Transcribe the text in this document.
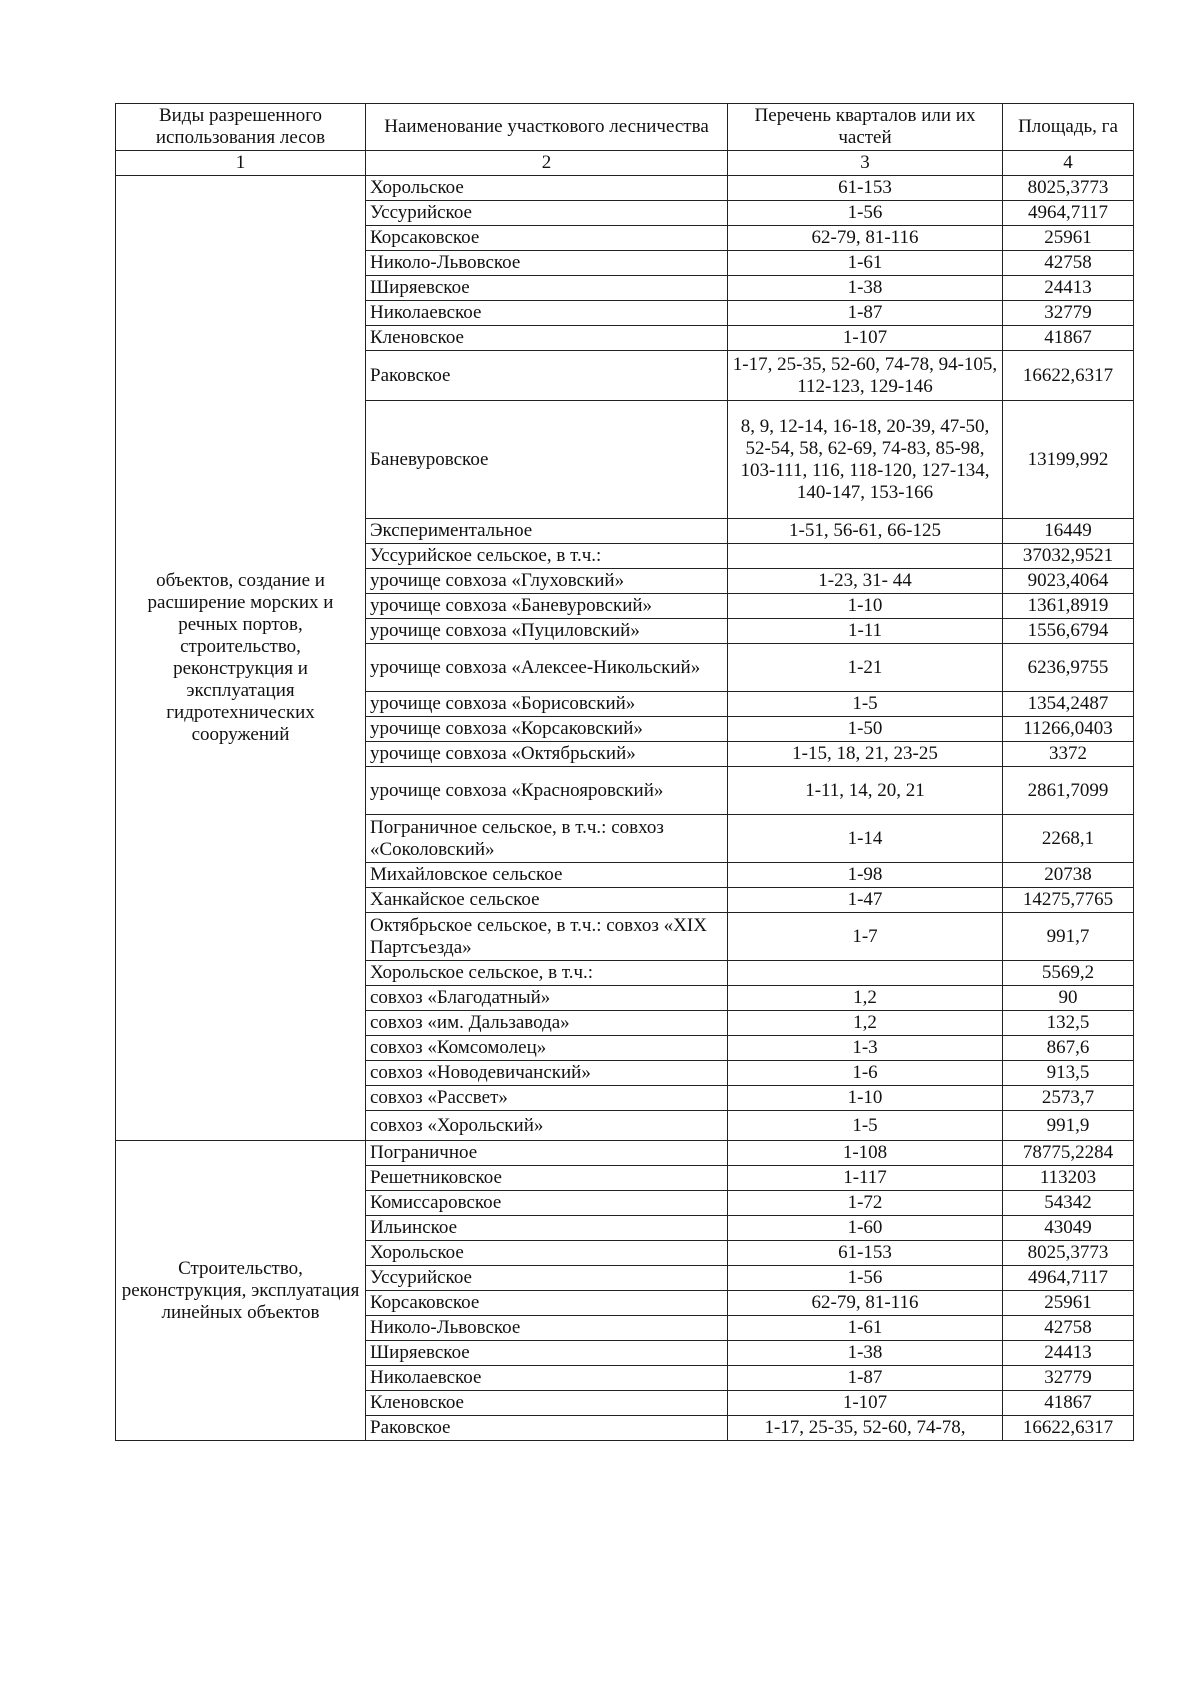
Виды разрешенного использования лесов	Наименование участкового лесничества	Перечень кварталов или их частей	Площадь, га
1	2	3	4
объектов, создание и расширение морских и речных портов, строительство, реконструкция и эксплуатация гидротехнических сооружений	Хорольское	61-153	8025,3773
	Уссурийское	1-56	4964,7117
	Корсаковское	62-79, 81-116	25961
	Николо-Львовское	1-61	42758
	Ширяевское	1-38	24413
	Николаевское	1-87	32779
	Кленовское	1-107	41867
	Раковское	1-17, 25-35, 52-60, 74-78, 94-105, 112-123, 129-146	16622,6317
	Баневуровское	8, 9, 12-14, 16-18, 20-39, 47-50, 52-54, 58, 62-69, 74-83, 85-98, 103-111, 116, 118-120, 127-134, 140-147, 153-166	13199,992
	Экспериментальное	1-51, 56-61, 66-125	16449
	Уссурийское сельское, в т.ч.:		37032,9521
	урочище совхоза «Глуховский»	1-23, 31- 44	9023,4064
	урочище совхоза «Баневуровский»	1-10	1361,8919
	урочище совхоза «Пуциловский»	1-11	1556,6794
	урочище совхоза «Алексее-Никольский»	1-21	6236,9755
	урочище совхоза «Борисовский»	1-5	1354,2487
	урочище совхоза «Корсаковский»	1-50	11266,0403
	урочище совхоза «Октябрьский»	1-15, 18, 21, 23-25	3372
	урочище совхоза «Краснояровский»	1-11, 14, 20, 21	2861,7099
	Пограничное сельское, в т.ч.: совхоз «Соколовский»	1-14	2268,1
	Михайловское сельское	1-98	20738
	Ханкайское сельское	1-47	14275,7765
	Октябрьское сельское, в т.ч.: совхоз «XIX Партсъезда»	1-7	991,7
	Хорольское сельское, в т.ч.:		5569,2
	совхоз «Благодатный»	1,2	90
	совхоз «им. Дальзавода»	1,2	132,5
	совхоз «Комсомолец»	1-3	867,6
	совхоз «Новодевичанский»	1-6	913,5
	совхоз «Рассвет»	1-10	2573,7
	совхоз «Хорольский»	1-5	991,9
Строительство, реконструкция, эксплуатация линейных объектов	Пограничное	1-108	78775,2284
	Решетниковское	1-117	113203
	Комиссаровское	1-72	54342
	Ильинское	1-60	43049
	Хорольское	61-153	8025,3773
	Уссурийское	1-56	4964,7117
	Корсаковское	62-79, 81-116	25961
	Николо-Львовское	1-61	42758
	Ширяевское	1-38	24413
	Николаевское	1-87	32779
	Кленовское	1-107	41867
	Раковское	1-17, 25-35, 52-60, 74-78,	16622,6317
